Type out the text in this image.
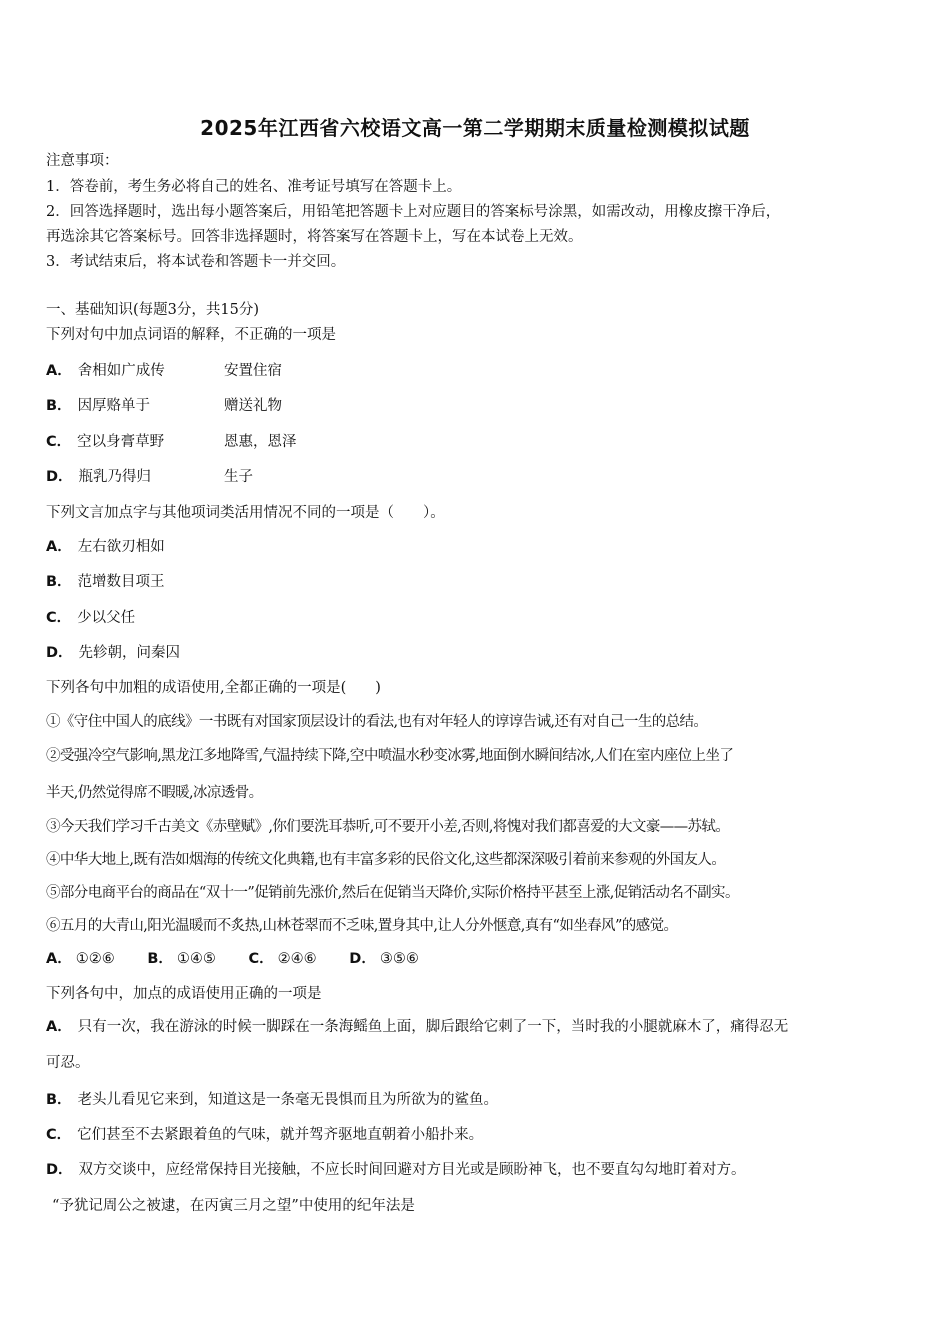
2025年江西省六校语文高一第二学期期末质量检测模拟试题
注意事项：
1．答卷前，考生务必将自己的姓名、准考证号填写在答题卡上。
2．回答选择题时，选出每小题答案后，用铅笔把答题卡上对应题目的答案标号涂黑，如需改动，用橡皮擦干净后，
再选涂其它答案标号。回答非选择题时，将答案写在答题卡上，写在本试卷上无效。
3．考试结束后，将本试卷和答题卡一并交回。
一、基础知识(每题3分，共15分)
下列对句中加点词语的解释，不正确的一项是
A． 舍相如广成传	安置住宿
B． 因厚赂单于	赠送礼物
C． 空以身膏草野	恩惠，恩泽
D． 瓶乳乃得归	生子
下列文言加点字与其他项词类活用情况不同的一项是（　　）。
A． 左右欲刃相如
B． 范增数目项王
C． 少以父任
D． 先轸朝，问秦囚
下列各句中加粗的成语使用,全都正确的一项是(　　)
①《守住中国人的底线》一书既有对国家顶层设计的看法,也有对年轻人的谆谆告诫,还有对自己一生的总结。
②受强冷空气影响,黑龙江多地降雪,气温持续下降,空中喷温水秒变冰雾,地面倒水瞬间结冰,人们在室内座位上坐了
半天,仍然觉得席不暇暖,冰凉透骨。
③今天我们学习千古美文《赤壁赋》,你们要洗耳恭听,可不要开小差,否则,将愧对我们都喜爱的大文豪——苏轼。
④中华大地上,既有浩如烟海的传统文化典籍,也有丰富多彩的民俗文化,这些都深深吸引着前来参观的外国友人。
⑤部分电商平台的商品在“双十一”促销前先涨价,然后在促销当天降价,实际价格持平甚至上涨,促销活动名不副实。
⑥五月的大青山,阳光温暖而不炙热,山林苍翠而不乏味,置身其中,让人分外惬意,真有“如坐春风”的感觉。
A． ①②⑥ B． ①④⑤ C． ②④⑥ D． ③⑤⑥
下列各句中，加点的成语使用正确的一项是
A． 只有一次，我在游泳的时候一脚踩在一条海鳐鱼上面，脚后跟给它刺了一下，当时我的小腿就麻木了，痛得忍无
可忍。
B． 老头儿看见它来到，知道这是一条毫无畏惧而且为所欲为的鲨鱼。
C． 它们甚至不去紧跟着鱼的气味，就并驾齐驱地直朝着小船扑来。
D． 双方交谈中，应经常保持目光接触，不应长时间回避对方目光或是顾盼神飞，也不要直勾勾地盯着对方。
“予犹记周公之被逮，在丙寅三月之望”中使用的纪年法是
